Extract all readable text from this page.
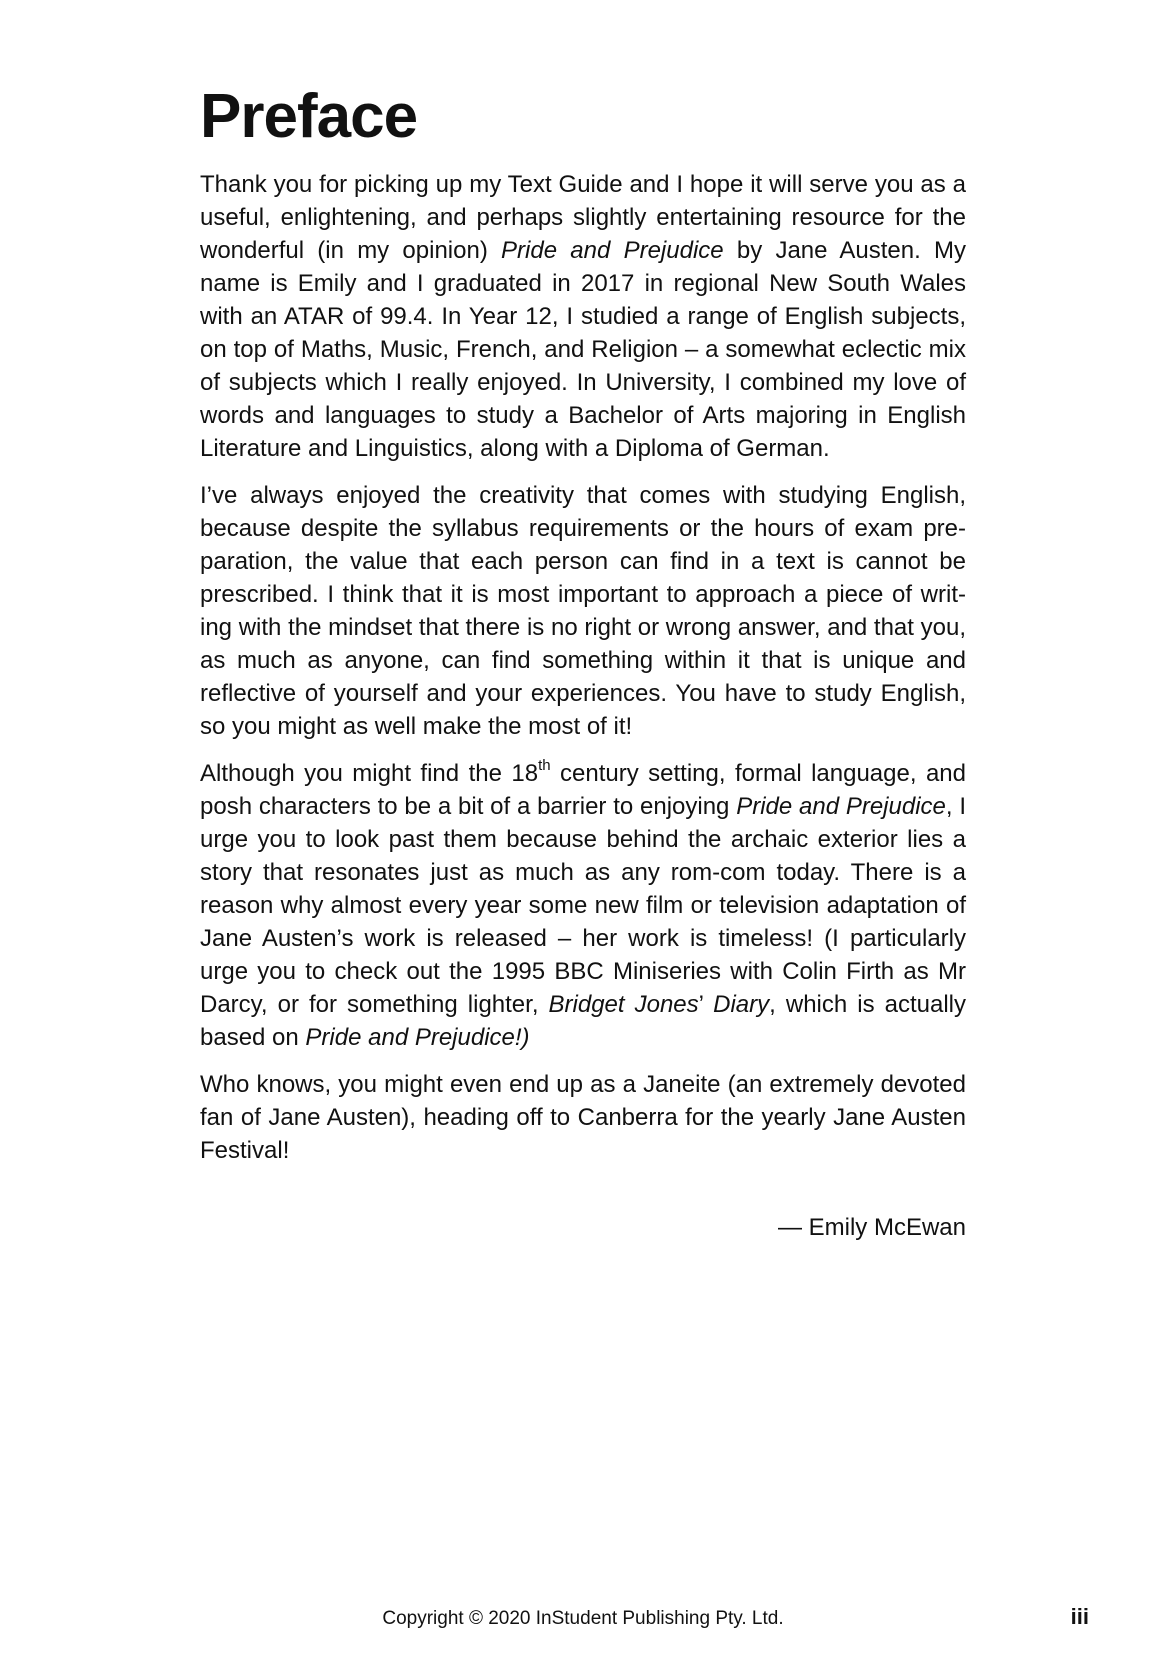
Preface

Thank you for picking up my Text Guide and I hope it will serve you as a useful, enlightening, and perhaps slightly entertaining resource for the wonderful (in my opinion) Pride and Prejudice by Jane Austen. My name is Emily and I graduated in 2017 in regional New South Wales with an ATAR of 99.4. In Year 12, I studied a range of English subjects, on top of Maths, Music, French, and Religion – a somewhat eclectic mix of subjects which I really enjoyed. In University, I combined my love of words and languages to study a Bachelor of Arts majoring in English Literature and Linguistics, along with a Diploma of German.

I’ve always enjoyed the creativity that comes with studying English, because despite the syllabus requirements or the hours of exam pre-paration, the value that each person can find in a text is cannot be prescribed. I think that it is most important to approach a piece of writ-ing with the mindset that there is no right or wrong answer, and that you, as much as anyone, can find something within it that is unique and reflective of yourself and your experiences. You have to study English, so you might as well make the most of it!

Although you might find the 18th century setting, formal language, and posh characters to be a bit of a barrier to enjoying Pride and Prejudice, I urge you to look past them because behind the archaic exterior lies a story that resonates just as much as any rom-com today. There is a reason why almost every year some new film or television adaptation of Jane Austen’s work is released – her work is timeless! (I particularly urge you to check out the 1995 BBC Miniseries with Colin Firth as Mr Darcy, or for something lighter, Bridget Jones’ Diary, which is actually based on Pride and Prejudice!)

Who knows, you might even end up as a Janeite (an extremely devoted fan of Jane Austen), heading off to Canberra for the yearly Jane Austen Festival!

— Emily McEwan
Copyright © 2020 InStudent Publishing Pty. Ltd.	iii
